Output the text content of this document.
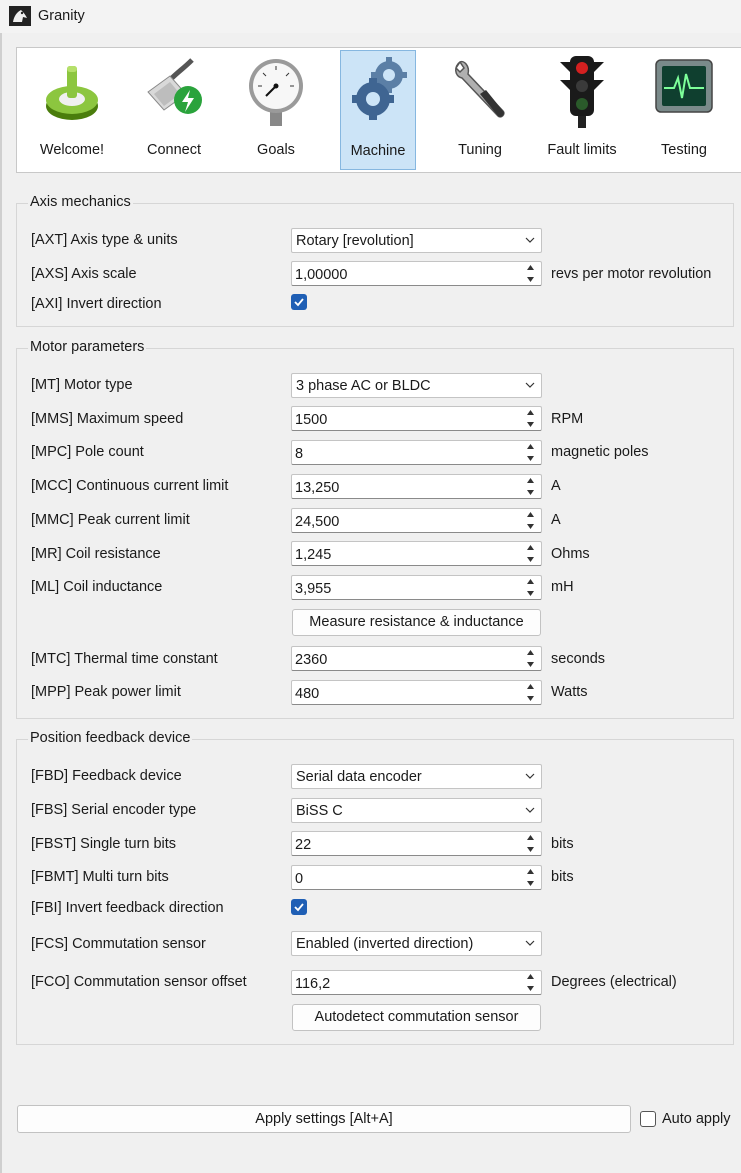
Granity
Welcome!	Connect	Goals	Machine	Tuning	Fault limits	Testing
Axis mechanics
[AXT] Axis type & units	Rotary [revolution]
[AXS] Axis scale	1,00000	revs per motor revolution
[AXI] Invert direction
Motor parameters
[MT] Motor type	3 phase AC or BLDC
[MMS] Maximum speed	1500	RPM
[MPC] Pole count	8	magnetic poles
[MCC] Continuous current limit	13,250	A
[MMC] Peak current limit	24,500	A
[MR] Coil resistance	1,245	Ohms
[ML] Coil inductance	3,955	mH
Measure resistance & inductance
[MTC] Thermal time constant	2360	seconds
[MPP] Peak power limit	480	Watts
Position feedback device
[FBD] Feedback device	Serial data encoder
[FBS] Serial encoder type	BiSS C
[FBST] Single turn bits	22	bits
[FBMT] Multi turn bits	0	bits
[FBI] Invert feedback direction
[FCS] Commutation sensor	Enabled (inverted direction)
[FCO] Commutation sensor offset	116,2	Degrees (electrical)
Autodetect commutation sensor
Apply settings [Alt+A]	Auto apply
